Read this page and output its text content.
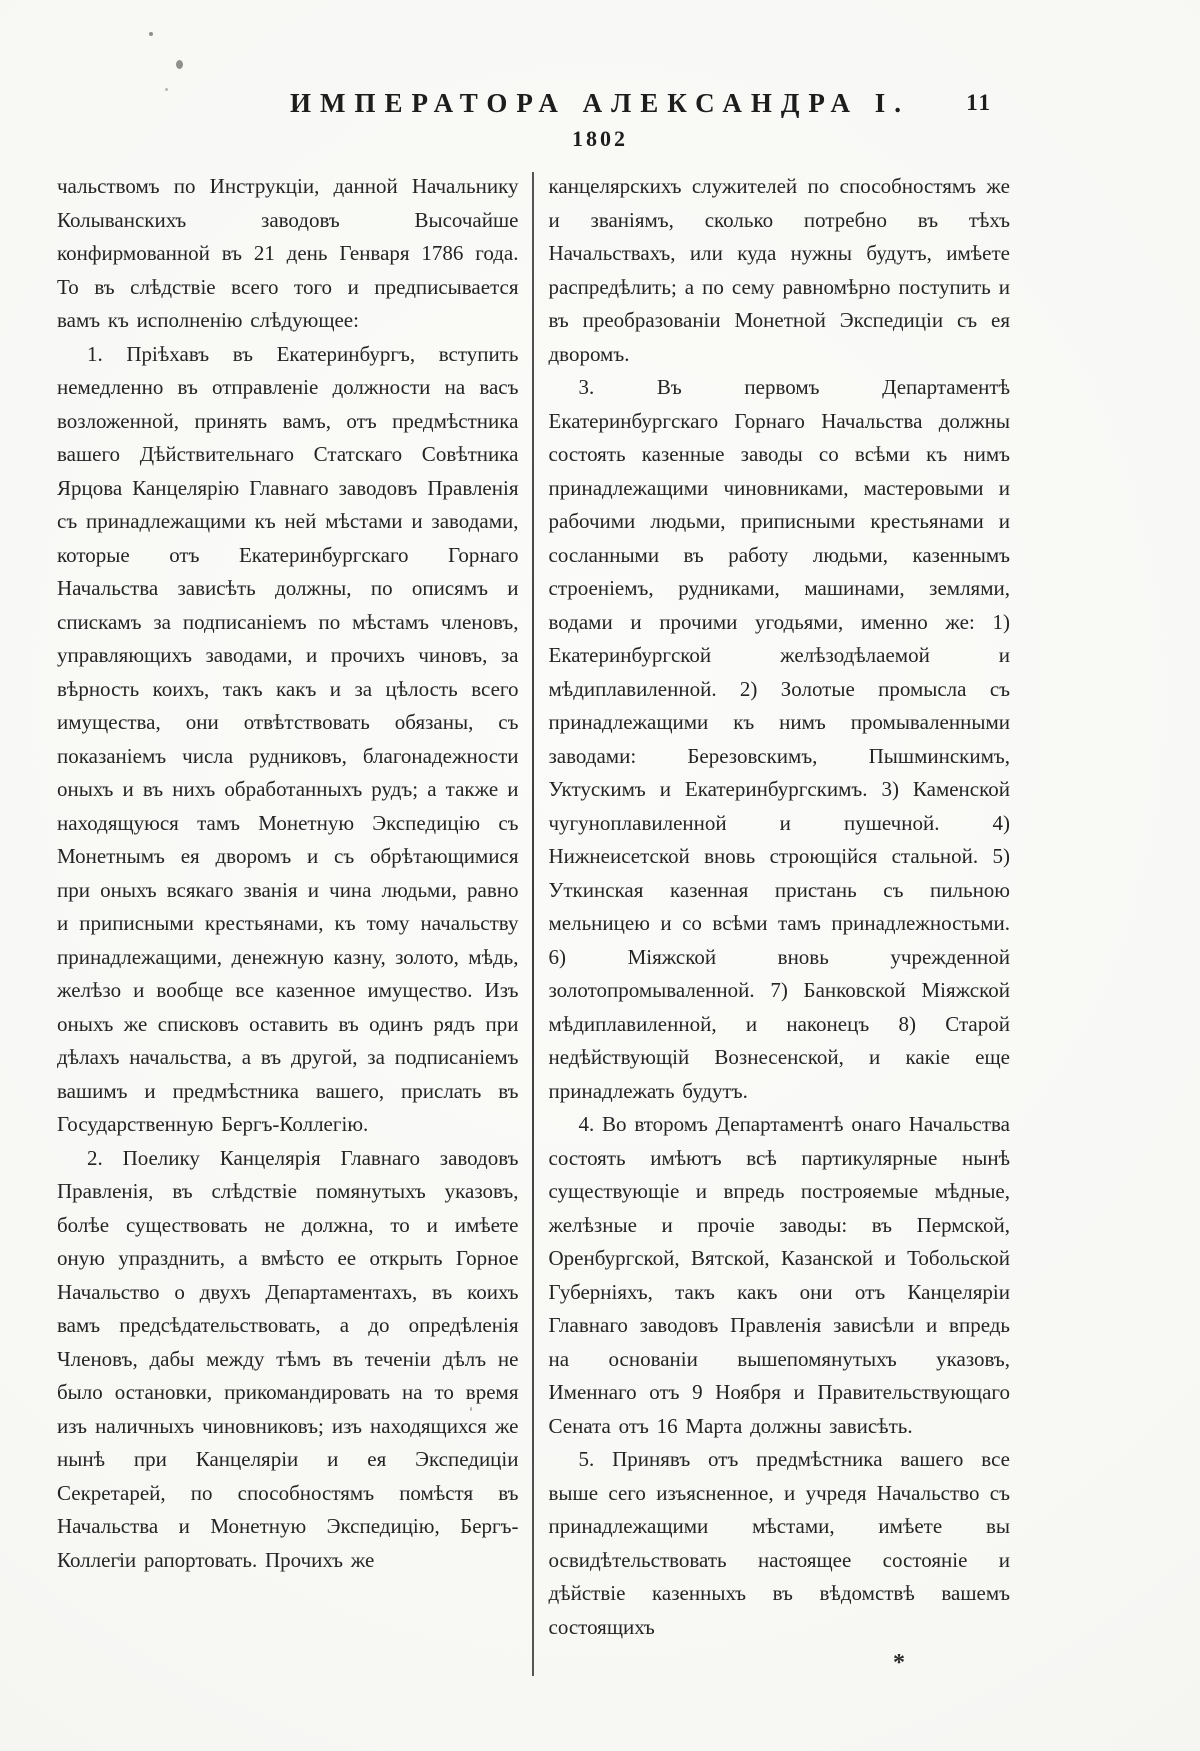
ИМПЕРАТОРА АЛЕКСАНДРА I.	11
1802

чальствомъ по Инструкціи, данной Начальнику Колыванскихъ заводовъ Высочайше конфирмованной въ 21 день Генваря 1786 года. То въ слѣдствіе всего того и предписывается вамъ къ исполненію слѣдующее:

1. Пріѣхавъ въ Екатеринбургъ, вступить немедленно въ отправленіе должности на васъ возложенной, принять вамъ, отъ предмѣстника вашего Дѣйствительнаго Статскаго Совѣтника Ярцова Канцелярію Главнаго заводовъ Правленія съ принадлежащими къ ней мѣстами и заводами, которые отъ Екатеринбургскаго Горнаго Начальства зависѣть должны, по описямъ и спискамъ за подписаніемъ по мѣстамъ членовъ, управляющихъ заводами, и прочихъ чиновъ, за вѣрность коихъ, такъ какъ и за цѣлость всего имущества, они отвѣтствовать обязаны, съ показаніемъ числа рудниковъ, благонадежности оныхъ и въ нихъ обработанныхъ рудъ; а также и находящуюся тамъ Монетную Экспедицію съ Монетнымъ ея дворомъ и съ обрѣтающимися при оныхъ всякаго званія и чина людьми, равно и приписными крестьянами, къ тому начальству принадлежащими, денежную казну, золото, мѣдь, желѣзо и вообще все казенное имущество. Изъ оныхъ же списковъ оставить въ одинъ рядъ при дѣлахъ начальства, а въ другой, за подписаніемъ вашимъ и предмѣстника вашего, прислать въ Государственную Бергъ-Коллегію.

2. Поелику Канцелярія Главнаго заводовъ Правленія, въ слѣдствіе помянутыхъ указовъ, болѣе существовать не должна, то и имѣете оную упразднить, а вмѣсто ее открыть Горное Начальство о двухъ Департаментахъ, въ коихъ вамъ предсѣдательствовать, а до опредѣленія Членовъ, дабы между тѣмъ въ теченіи дѣлъ не было остановки, прикомандировать на то время изъ наличныхъ чиновниковъ; изъ находящихся же нынѣ при Канцеляріи и ея Экспедиціи Секретарей, по способностямъ помѣстя въ Начальства и Монетную Экспедицію, Бергъ-Коллегіи рапортовать. Прочихъ же

канцелярскихъ служителей по способностямъ же и званіямъ, сколько потребно въ тѣхъ Начальствахъ, или куда нужны будутъ, имѣете распредѣлить; а по сему равномѣрно поступить и въ преобразованіи Монетной Экспедиціи съ ея дворомъ.

3. Въ первомъ Департаментѣ Екатеринбургскаго Горнаго Начальства должны состоять казенные заводы со всѣми къ нимъ принадлежащими чиновниками, мастеровыми и рабочими людьми, приписными крестьянами и сосланными въ работу людьми, казеннымъ строеніемъ, рудниками, машинами, землями, водами и прочими угодьями, именно же: 1) Екатеринбургской желѣзодѣлаемой и мѣдиплавиленной. 2) Золотые промысла съ принадлежащими къ нимъ промываленными заводами: Березовскимъ, Пышминскимъ, Уктускимъ и Екатеринбургскимъ. 3) Каменской чугуноплавиленной и пушечной. 4) Нижнеисетской вновь строющійся стальной. 5) Уткинская казенная пристань съ пильною мельницею и со всѣми тамъ принадлежностьми. 6) Міяжской вновь учрежденной золотопромываленной. 7) Банковской Міяжской мѣдиплавиленной, и наконецъ 8) Старой недѣйствующій Вознесенской, и какіе еще принадлежать будутъ.

4. Во второмъ Департаментѣ онаго Начальства состоять имѣютъ всѣ партикулярные нынѣ существующіе и впредь построяемые мѣдные, желѣзные и прочіе заводы: въ Пермской, Оренбургской, Вятской, Казанской и Тобольской Губерніяхъ, такъ какъ они отъ Канцеляріи Главнаго заводовъ Правленія зависѣли и впредь на основаніи вышепомянутыхъ указовъ, Именнаго отъ 9 Ноября и Правительствующаго Сената отъ 16 Марта должны зависѣть.

5. Принявъ отъ предмѣстника вашего все выше сего изъясненное, и учредя Начальство съ принадлежащими мѣстами, имѣете вы освидѣтельствовать настоящее состояніе и дѣйствіе казенныхъ въ вѣдомствѣ вашемъ состоящихъ

*
